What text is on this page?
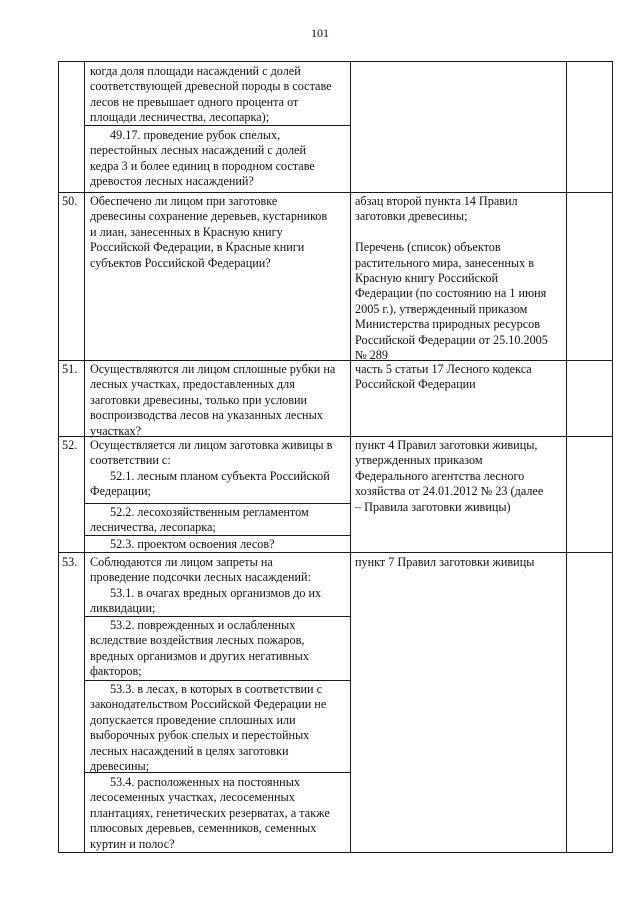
101

когда доля площади насаждений с долей
соответствующей древесной породы в составе
лесов не превышает одного процента от
площади лесничества, лесопарка);

49.17. проведение рубок спелых,
перестойных лесных насаждений с долей
кедра 3 и более единиц в породном составе
древостоя лесных насаждений?

50. Обеспечено ли лицом при заготовке
древесины сохранение деревьев, кустарников
и лиан, занесенных в Красную книгу
Российской Федерации, в Красные книги
субъектов Российской Федерации?

абзац второй пункта 14 Правил
заготовки древесины;

Перечень (список) объектов
растительного мира, занесенных в
Красную книгу Российской
Федерации (по состоянию на 1 июня
2005 г.), утвержденный приказом
Министерства природных ресурсов
Российской Федерации от 25.10.2005
№ 289

51. Осуществляются ли лицом сплошные рубки на
лесных участках, предоставленных для
заготовки древесины, только при условии
воспроизводства лесов на указанных лесных
участках?

часть 5 статьи 17 Лесного кодекса
Российской Федерации

52. Осуществляется ли лицом заготовка живицы в
соответствии с:

52.1. лесным планом субъекта Российской
Федерации;

52.2. лесохозяйственным регламентом
лесничества, лесопарка;

52.3. проектом освоения лесов?

пункт 4 Правил заготовки живицы,
утвержденных приказом
Федерального агентства лесного
хозяйства от 24.01.2012 № 23 (далее
– Правила заготовки живицы)

53. Соблюдаются ли лицом запреты на
проведение подсочки лесных насаждений:

53.1. в очагах вредных организмов до их
ликвидации;

53.2. поврежденных и ослабленных
вследствие воздействия лесных пожаров,
вредных организмов и других негативных
факторов;

53.3. в лесах, в которых в соответствии с
законодательством Российской Федерации не
допускается проведение сплошных или
выборочных рубок спелых и перестойных
лесных насаждений в целях заготовки
древесины;

53.4. расположенных на постоянных
лесосеменных участках, лесосеменных
плантациях, генетических резерватах, а также
плюсовых деревьев, семенников, семенных
куртин и полос?

пункт 7 Правил заготовки живицы
